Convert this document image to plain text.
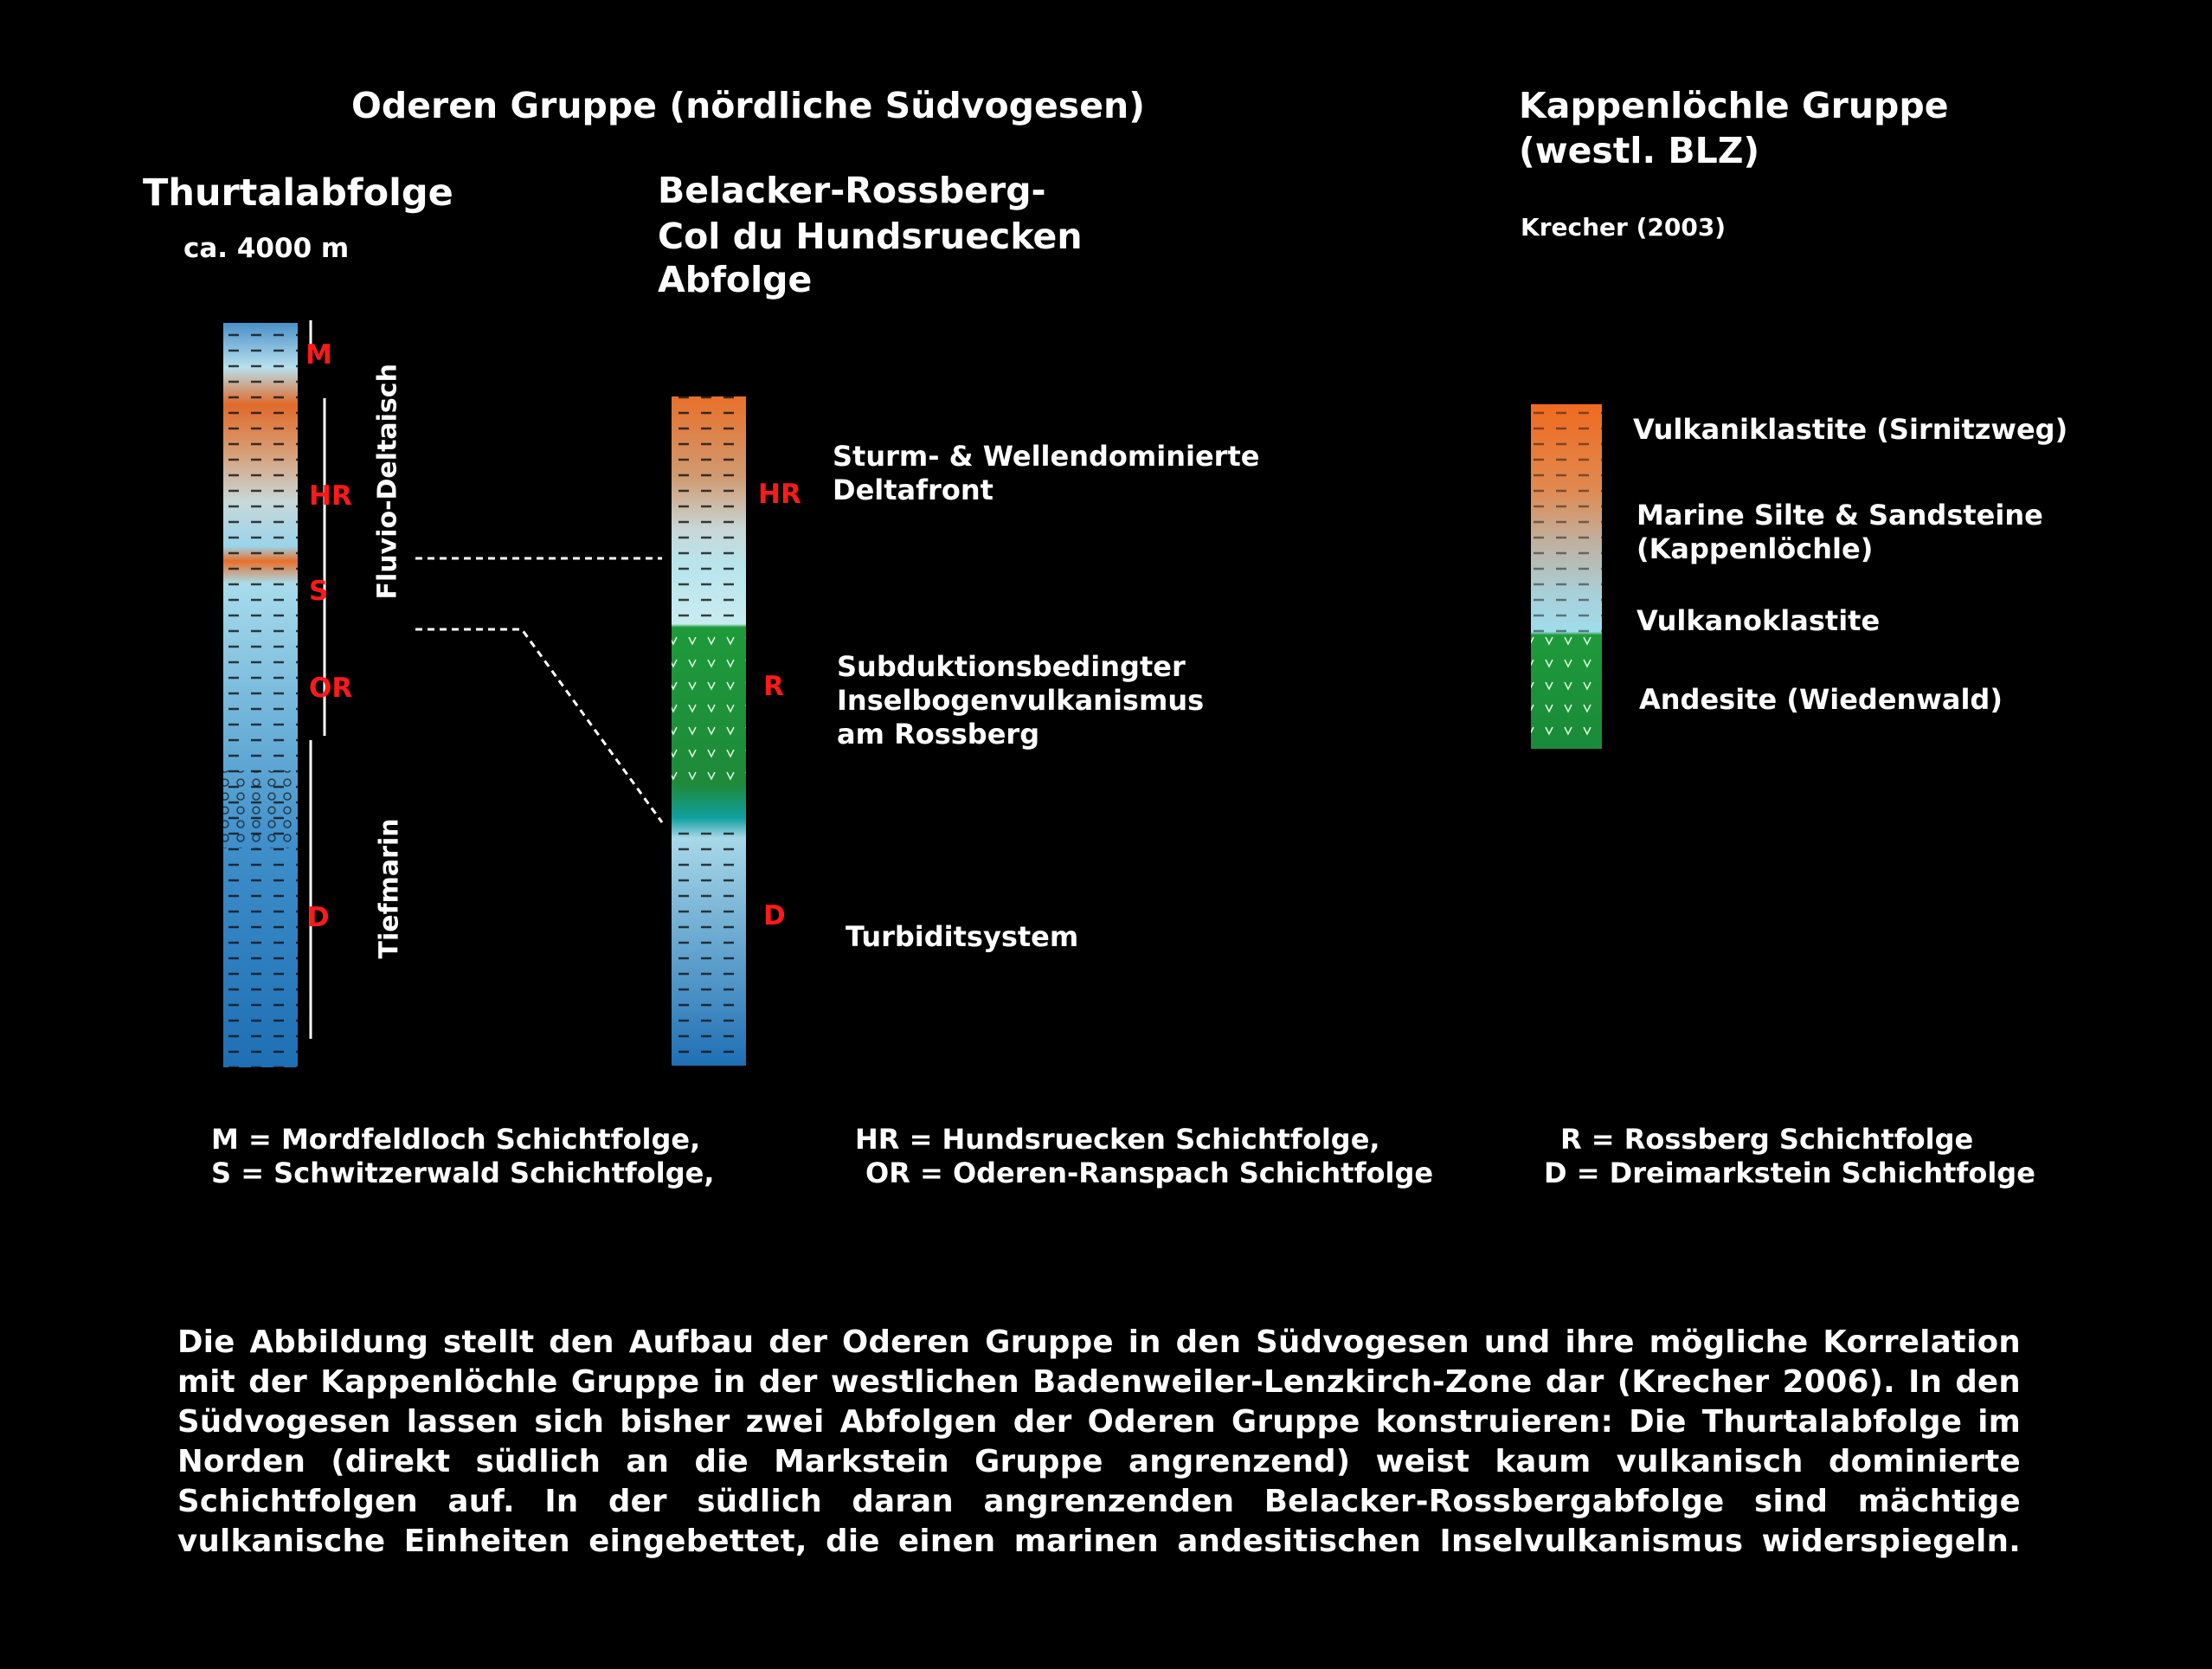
Oderen Gruppe (nördliche Südvogesen)	Kappenlöchle Gruppe
(westl. BLZ)
Krecher (2003)
Thurtalabfolge
ca. 4000 m
Belacker-Rossberg-
Col du Hundsruecken
Abfolge
M
HR
S
OR
D
HR
R
D
Fluvio-Deltaisch
Tiefmarin
Sturm- & Wellendominierte
Deltafront
Subduktionsbedingter
Inselbogenvulkanismus
am Rossberg
Turbiditsystem
Vulkaniklastite (Sirnitzweg)
Marine Silte & Sandsteine
(Kappenlöchle)
Vulkanoklastite
Andesite (Wiedenwald)
M = Mordfeldloch Schichtfolge,
S = Schwitzerwald Schichtfolge,
HR = Hundsruecken Schichtfolge,
OR = Oderen-Ranspach Schichtfolge
R = Rossberg Schichtfolge
D = Dreimarkstein Schichtfolge
Die Abbildung stellt den Aufbau der Oderen Gruppe in den Südvogesen und ihre mögliche Korrelation
mit der Kappenlöchle Gruppe in der westlichen Badenweiler-Lenzkirch-Zone dar (Krecher 2006). In den
Südvogesen lassen sich bisher zwei Abfolgen der Oderen Gruppe konstruieren: Die Thurtalabfolge im
Norden (direkt südlich an die Markstein Gruppe angrenzend) weist kaum vulkanisch dominierte
Schichtfolgen auf. In der südlich daran angrenzenden Belacker-Rossbergabfolge sind mächtige
vulkanische Einheiten eingebettet, die einen marinen andesitischen Inselvulkanismus widerspiegeln.
